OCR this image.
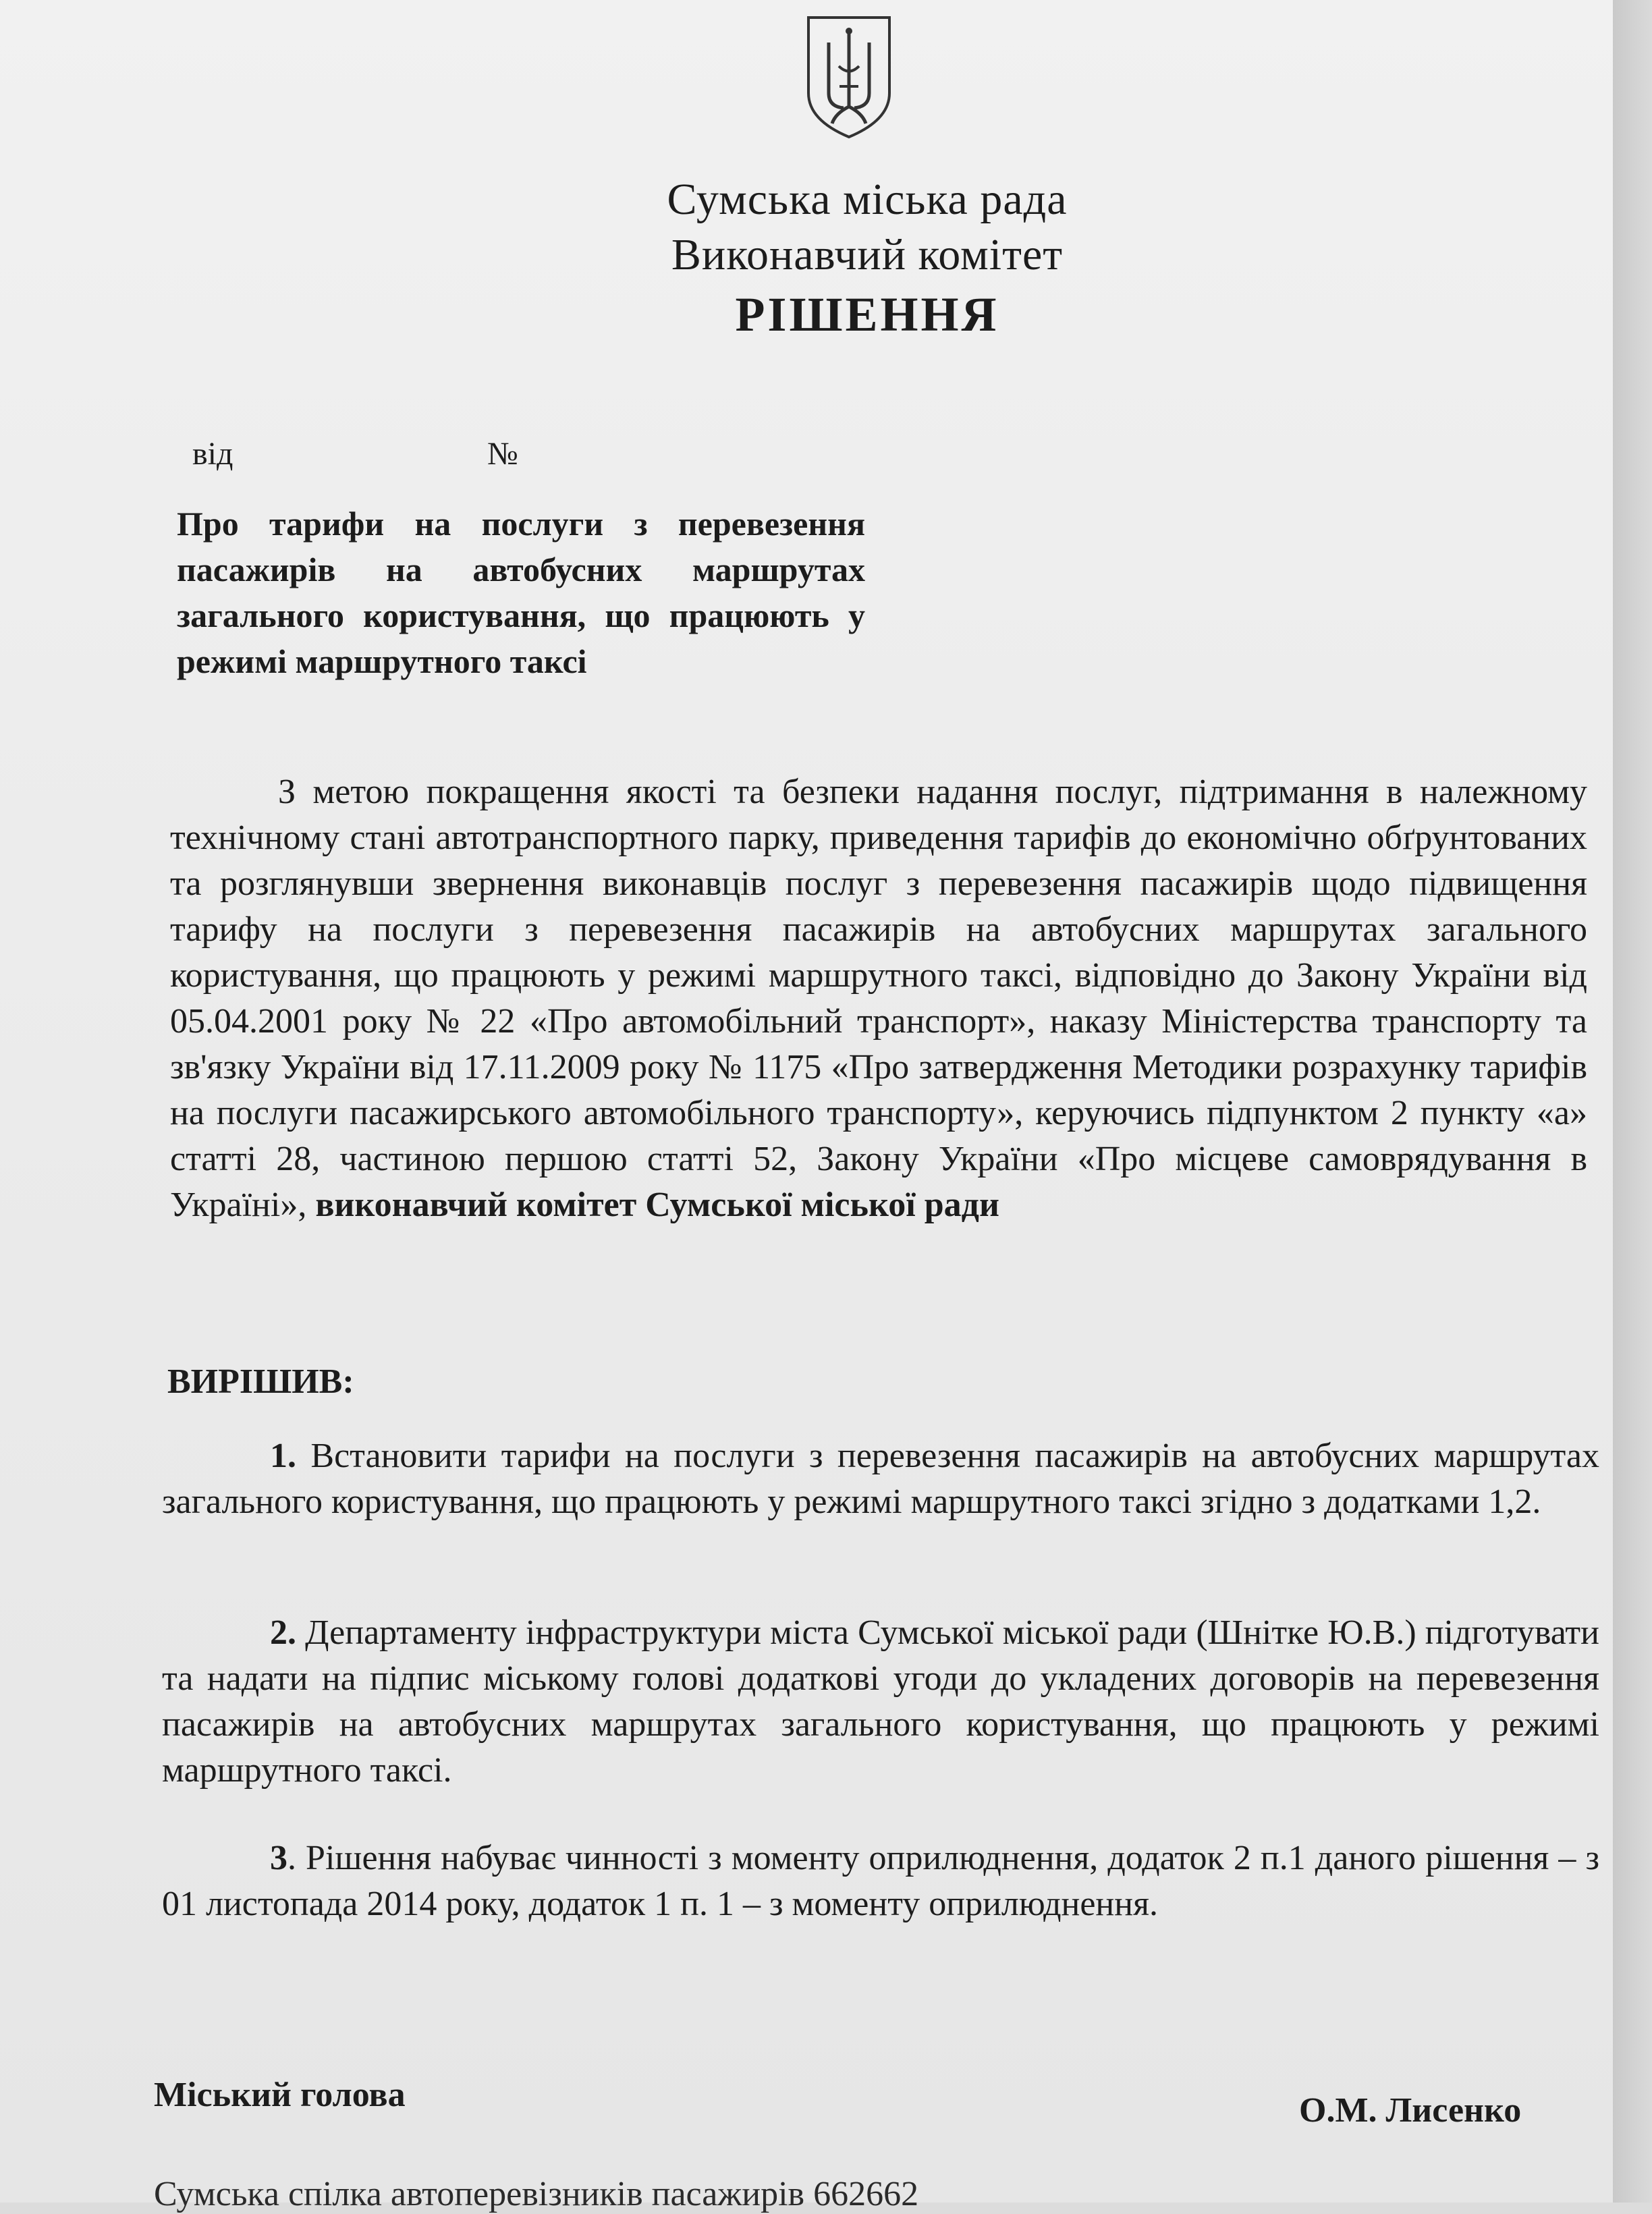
Сумська міська рада
Виконавчий комітет
РІШЕННЯ
від	№
Про тарифи на послуги з перевезення пасажирів на автобусних маршрутах загального користування, що працюють у режимі маршрутного таксі
З метою покращення якості та безпеки надання послуг, підтримання в належному технічному стані автотранспортного парку, приведення тарифів до економічно обґрунтованих та розглянувши звернення виконавців послуг з перевезення пасажирів щодо підвищення тарифу на послуги з перевезення пасажирів на автобусних маршрутах загального користування, що працюють у режимі маршрутного таксі, відповідно до Закону України від 05.04.2001 року № 22 «Про автомобільний транспорт», наказу Міністерства транспорту та зв'язку України від 17.11.2009 року № 1175 «Про затвердження Методики розрахунку тарифів на послуги пасажирського автомобільного транспорту», керуючись підпунктом 2 пункту «а» статті 28, частиною першою статті 52, Закону України «Про місцеве самоврядування в Україні», виконавчий комітет Сумської міської ради
ВИРІШИВ:
1. Встановити тарифи на послуги з перевезення пасажирів на автобусних маршрутах загального користування, що працюють у режимі маршрутного таксі згідно з додатками 1,2.
2. Департаменту інфраструктури міста Сумської міської ради (Шнітке Ю.В.) підготувати та надати на підпис міському голові додаткові угоди до укладених договорів на перевезення пасажирів на автобусних маршрутах загального користування, що працюють у режимі маршрутного таксі.
3. Рішення набуває чинності з моменту оприлюднення, додаток 2 п.1 даного рішення – з 01 листопада 2014 року, додаток 1 п. 1 – з моменту оприлюднення.
Міський голова	О.М. Лисенко
Сумська спілка автоперевізників пасажирів 662662
